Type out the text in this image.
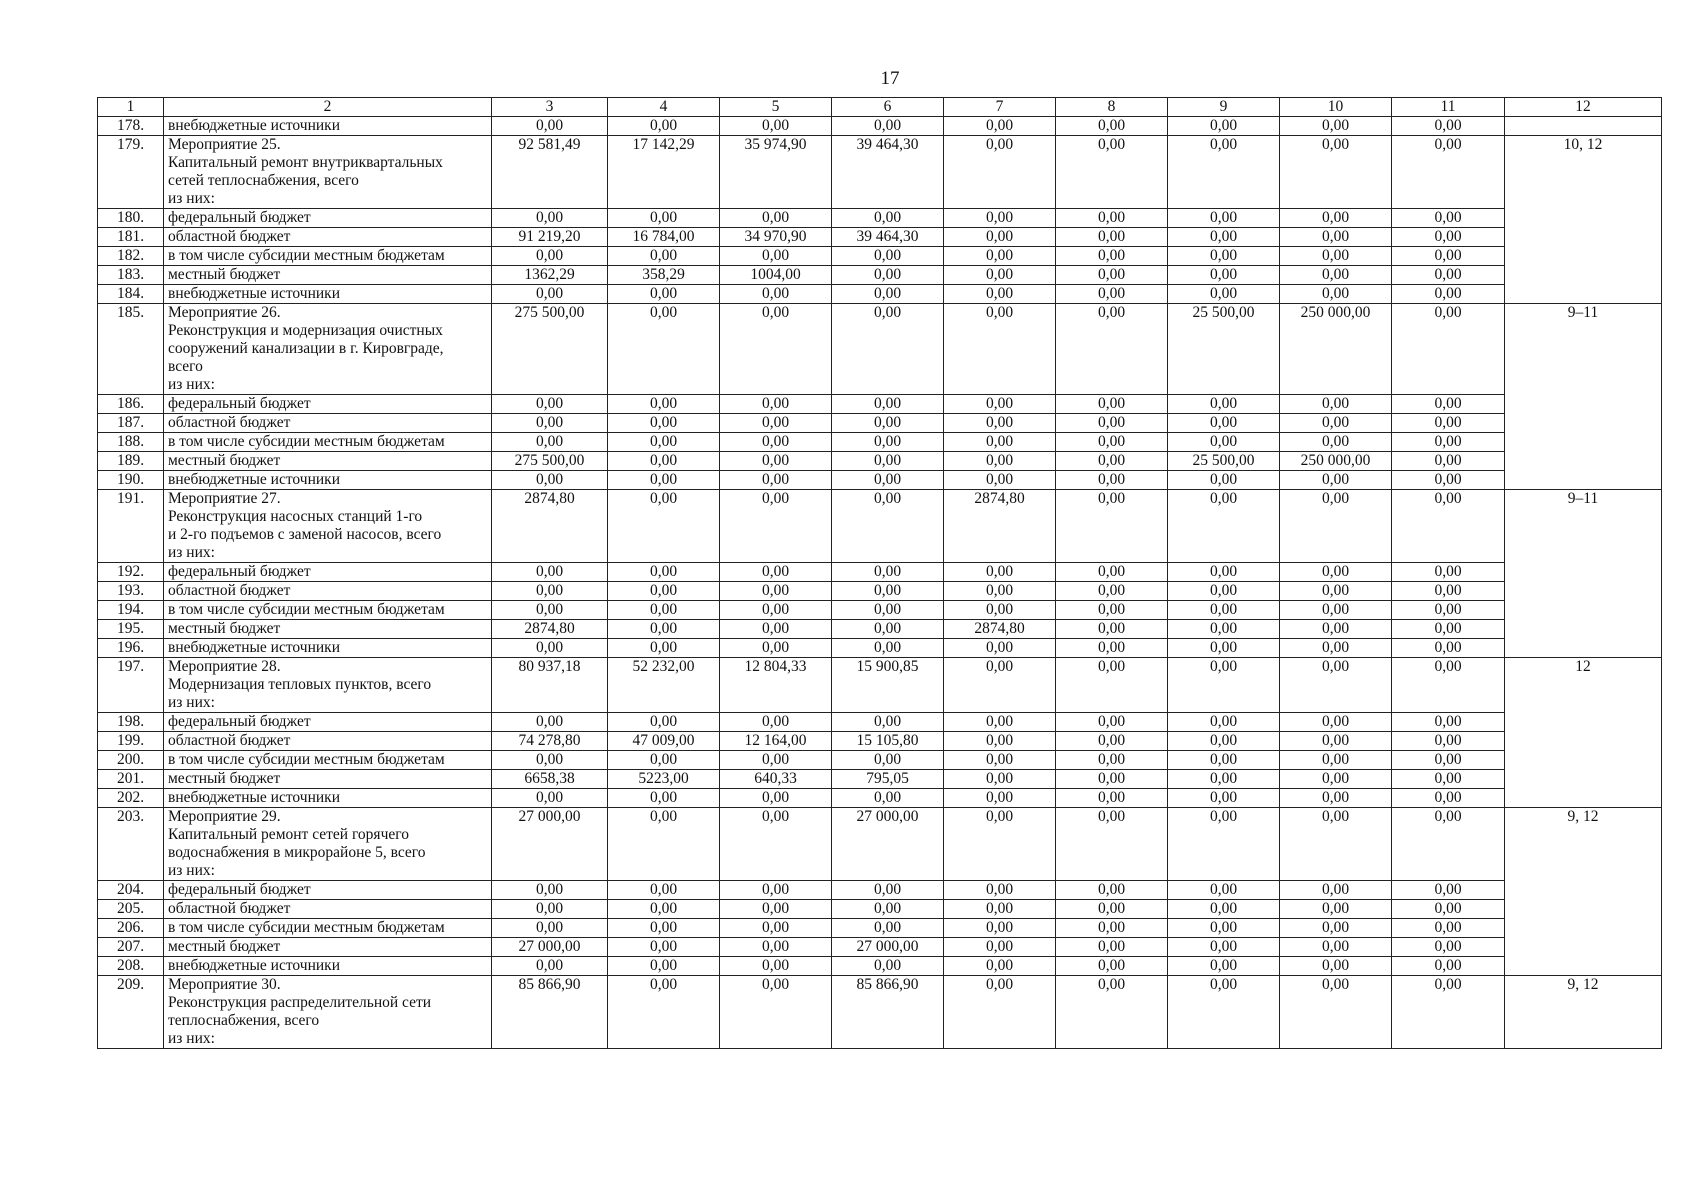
17
1	2	3	4	5	6	7	8	9	10	11	12
178.	внебюджетные источники	0,00	0,00	0,00	0,00	0,00	0,00	0,00	0,00	0,00	
179.	Мероприятие 25.
Капитальный ремонт внутриквартальных
сетей теплоснабжения, всего
из них:	92 581,49	17 142,29	35 974,90	39 464,30	0,00	0,00	0,00	0,00	0,00	10, 12
180.	федеральный бюджет	0,00	0,00	0,00	0,00	0,00	0,00	0,00	0,00	0,00	
181.	областной бюджет	91 219,20	16 784,00	34 970,90	39 464,30	0,00	0,00	0,00	0,00	0,00	
182.	в том числе субсидии местным бюджетам	0,00	0,00	0,00	0,00	0,00	0,00	0,00	0,00	0,00	
183.	местный бюджет	1362,29	358,29	1004,00	0,00	0,00	0,00	0,00	0,00	0,00	
184.	внебюджетные источники	0,00	0,00	0,00	0,00	0,00	0,00	0,00	0,00	0,00	
185.	Мероприятие 26.
Реконструкция и модернизация очистных
сооружений канализации в г. Кировграде,
всего
из них:	275 500,00	0,00	0,00	0,00	0,00	0,00	25 500,00	250 000,00	0,00	9–11
186.	федеральный бюджет	0,00	0,00	0,00	0,00	0,00	0,00	0,00	0,00	0,00	
187.	областной бюджет	0,00	0,00	0,00	0,00	0,00	0,00	0,00	0,00	0,00	
188.	в том числе субсидии местным бюджетам	0,00	0,00	0,00	0,00	0,00	0,00	0,00	0,00	0,00	
189.	местный бюджет	275 500,00	0,00	0,00	0,00	0,00	0,00	25 500,00	250 000,00	0,00	
190.	внебюджетные источники	0,00	0,00	0,00	0,00	0,00	0,00	0,00	0,00	0,00	
191.	Мероприятие 27.
Реконструкция насосных станций 1-го
и 2-го подъемов с заменой насосов, всего
из них:	2874,80	0,00	0,00	0,00	2874,80	0,00	0,00	0,00	0,00	9–11
192.	федеральный бюджет	0,00	0,00	0,00	0,00	0,00	0,00	0,00	0,00	0,00	
193.	областной бюджет	0,00	0,00	0,00	0,00	0,00	0,00	0,00	0,00	0,00	
194.	в том числе субсидии местным бюджетам	0,00	0,00	0,00	0,00	0,00	0,00	0,00	0,00	0,00	
195.	местный бюджет	2874,80	0,00	0,00	0,00	2874,80	0,00	0,00	0,00	0,00	
196.	внебюджетные источники	0,00	0,00	0,00	0,00	0,00	0,00	0,00	0,00	0,00	
197.	Мероприятие 28.
Модернизация тепловых пунктов, всего
из них:	80 937,18	52 232,00	12 804,33	15 900,85	0,00	0,00	0,00	0,00	0,00	12
198.	федеральный бюджет	0,00	0,00	0,00	0,00	0,00	0,00	0,00	0,00	0,00	
199.	областной бюджет	74 278,80	47 009,00	12 164,00	15 105,80	0,00	0,00	0,00	0,00	0,00	
200.	в том числе субсидии местным бюджетам	0,00	0,00	0,00	0,00	0,00	0,00	0,00	0,00	0,00	
201.	местный бюджет	6658,38	5223,00	640,33	795,05	0,00	0,00	0,00	0,00	0,00	
202.	внебюджетные источники	0,00	0,00	0,00	0,00	0,00	0,00	0,00	0,00	0,00	
203.	Мероприятие 29.
Капитальный ремонт сетей горячего
водоснабжения в микрорайоне 5, всего
из них:	27 000,00	0,00	0,00	27 000,00	0,00	0,00	0,00	0,00	0,00	9, 12
204.	федеральный бюджет	0,00	0,00	0,00	0,00	0,00	0,00	0,00	0,00	0,00	
205.	областной бюджет	0,00	0,00	0,00	0,00	0,00	0,00	0,00	0,00	0,00	
206.	в том числе субсидии местным бюджетам	0,00	0,00	0,00	0,00	0,00	0,00	0,00	0,00	0,00	
207.	местный бюджет	27 000,00	0,00	0,00	27 000,00	0,00	0,00	0,00	0,00	0,00	
208.	внебюджетные источники	0,00	0,00	0,00	0,00	0,00	0,00	0,00	0,00	0,00	
209.	Мероприятие 30.
Реконструкция распределительной сети
теплоснабжения, всего
из них:	85 866,90	0,00	0,00	85 866,90	0,00	0,00	0,00	0,00	0,00	9, 12
